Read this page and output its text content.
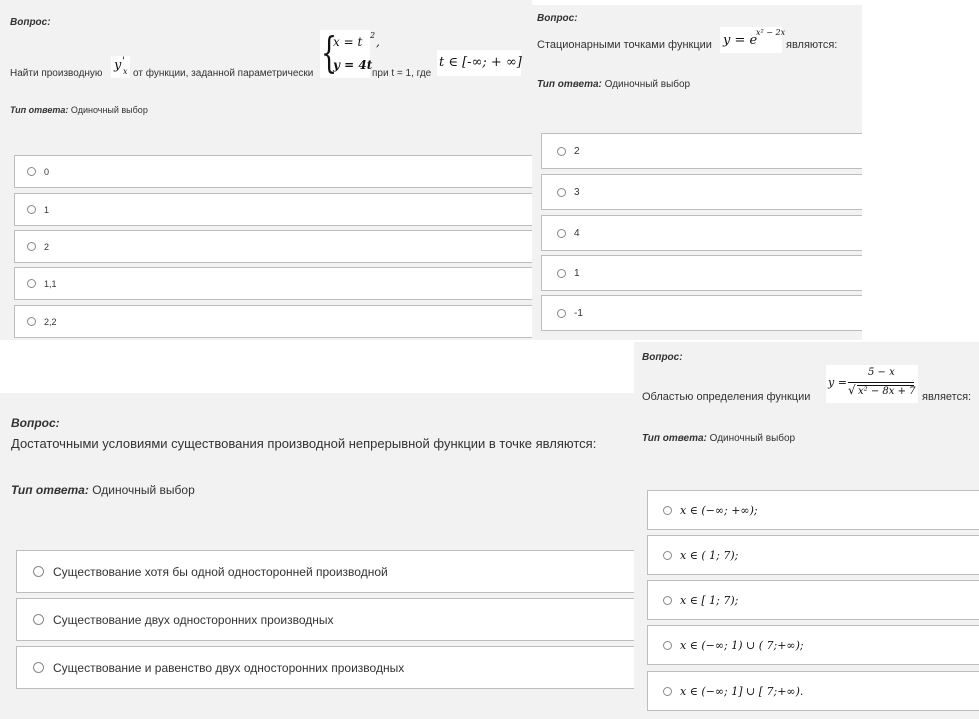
Вопрос:
Найти производную
y '
x от функции, заданной параметрически {
x = t 2 ,
y = 4t
при t = 1, где
t ∈ [-∞; + ∞]
Тип ответа: Одиночный выбор
0
1
2
1,1
2,2
Вопрос:
Стационарными точками функции y = e
x² − 2x
являются:
Тип ответа: Одиночный выбор
2
3
4
1
-1
Вопрос:
Достаточными условиями существования производной непрерывной функции в точке являются:
Тип ответа: Одиночный выбор
Существование хотя бы одной односторонней производной
Существование двух односторонних производных
Существование и равенство двух односторонних производных
Вопрос:
Областью определения функции
y =
5 − x
√ x² − 8x + 7 является:
Тип ответа: Одиночный выбор
x ∈ (−∞; +∞);
x ∈ ( 1; 7);
x ∈ [ 1; 7);
x ∈ (−∞; 1) ∪ ( 7;+∞);
x ∈ (−∞; 1] ∪ [ 7;+∞).
